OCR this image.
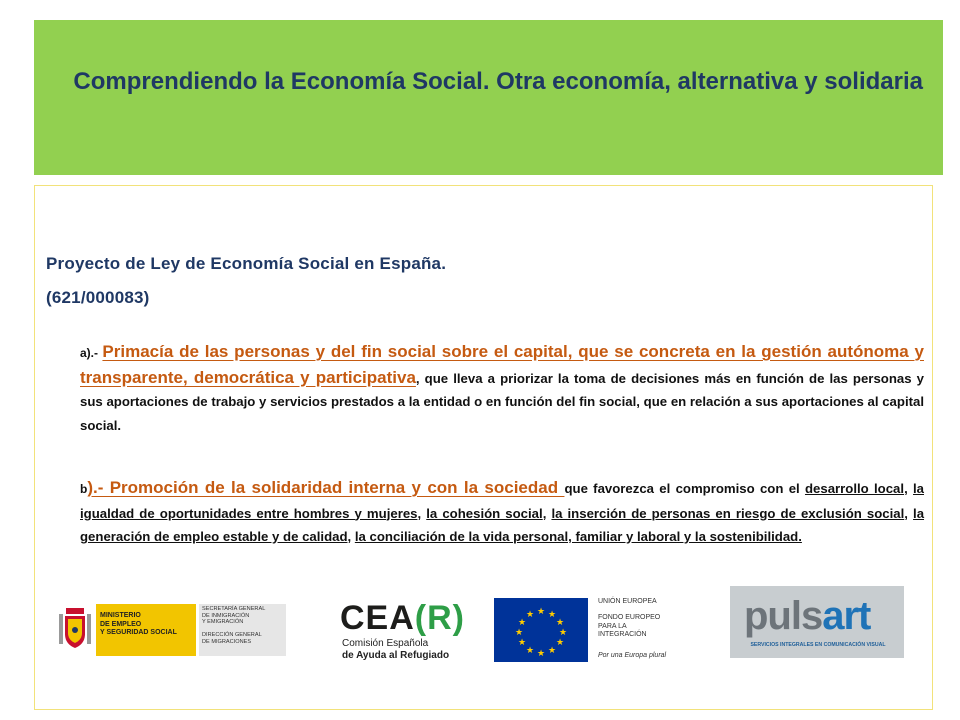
Comprendiendo la Economía Social. Otra economía, alternativa y solidaria
Proyecto de Ley de Economía Social en España.
(621/000083)
a).- Primacía de las personas y del fin social sobre el capital, que se concreta en la gestión autónoma y transparente, democrática y participativa, que lleva a priorizar la toma de decisiones más en función de las personas y sus aportaciones de trabajo y servicios prestados a la entidad o en función del fin social, que en relación a sus aportaciones al capital social.
b).- Promoción de la solidaridad interna y con la sociedad que favorezca el compromiso con el desarrollo local, la igualdad de oportunidades entre hombres y mujeres, la cohesión social, la inserción de personas en riesgo de exclusión social, la generación de empleo estable y de calidad, la conciliación de la vida personal, familiar y laboral y la sostenibilidad.
MINISTERIO
DE EMPLEO
Y SEGURIDAD SOCIAL
SECRETARÍA GENERAL
DE INMIGRACIÓN
Y EMIGRACIÓN
DIRECCIÓN GENERAL
DE MIGRACIONES
CEA(R)
Comisión Española
de Ayuda al Refugiado
★ ★
★
★
★
★
★
★
★
★
★
★
UNIÓN EUROPEA
FONDO EUROPEO
PARA LA
INTEGRACIÓN
Por una Europa plural
pulsart
SERVICIOS INTEGRALES EN COMUNICACIÓN VISUAL
